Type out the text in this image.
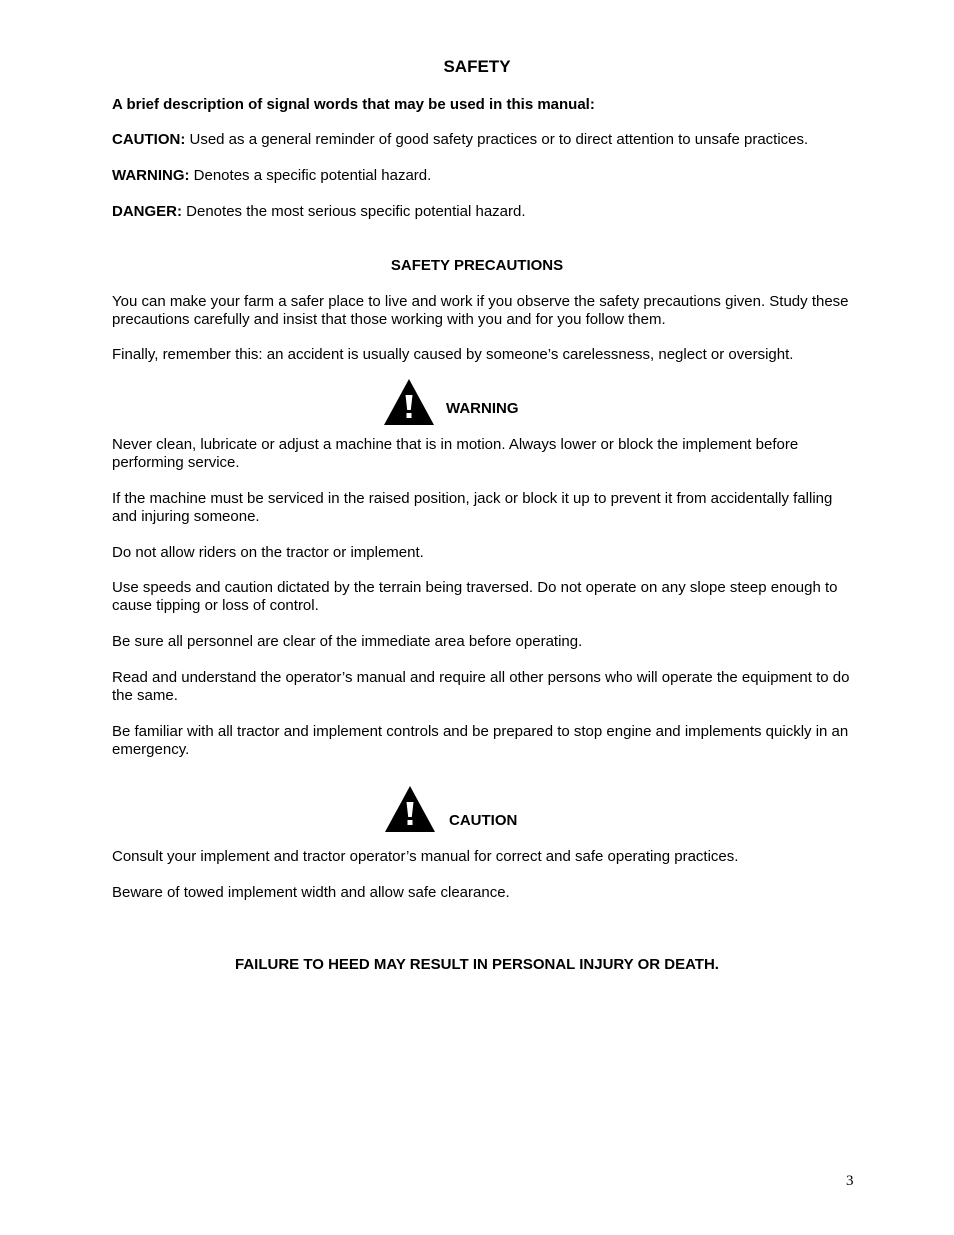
SAFETY
A brief description of signal words that may be used in this manual:
CAUTION: Used as a general reminder of good safety practices or to direct attention to unsafe practices.
WARNING: Denotes a specific potential hazard.
DANGER: Denotes the most serious specific potential hazard.
SAFETY PRECAUTIONS
You can make your farm a safer place to live and work if you observe the safety precautions given. Study these precautions carefully and insist that those working with you and for you follow them.
Finally, remember this: an accident is usually caused by someone’s carelessness, neglect or oversight.
WARNING
Never clean, lubricate or adjust a machine that is in motion. Always lower or block the implement before performing service.
If the machine must be serviced in the raised position, jack or block it up to prevent it from accidentally falling and injuring someone.
Do not allow riders on the tractor or implement.
Use speeds and caution dictated by the terrain being traversed. Do not operate on any slope steep enough to cause tipping or loss of control.
Be sure all personnel are clear of the immediate area before operating.
Read and understand the operator’s manual and require all other persons who will operate the equipment to do the same.
Be familiar with all tractor and implement controls and be prepared to stop engine and implements quickly in an emergency.
CAUTION
Consult your implement and tractor operator’s manual for correct and safe operating practices.
Beware of towed implement width and allow safe clearance.
FAILURE TO HEED MAY RESULT IN PERSONAL INJURY OR DEATH.
3
